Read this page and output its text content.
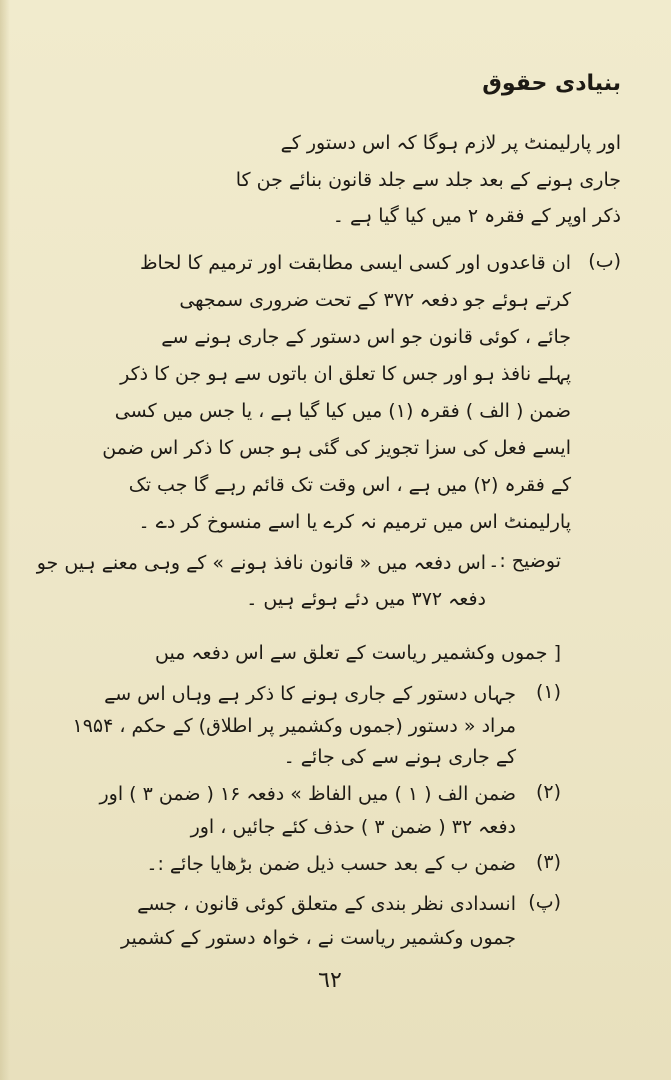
بنیادی حقوق

اور پارلیمنٹ پر لازم ہوگا کہ اس دستور کے

جاری ہونے کے بعد جلد سے جلد قانون بنائے جن کا

ذکر اوپر کے فقرہ ۲ میں کیا گیا ہے ۔

(ب)

ان قاعدوں اور کسی ایسی مطابقت اور ترمیم کا لحاظ

کرتے ہوئے جو دفعہ ۳۷۲ کے تحت ضروری سمجھی

جائے ، کوئی قانون جو اس دستور کے جاری ہونے سے

پہلے نافذ ہو اور جس کا تعلق ان باتوں سے ہو جن کا ذکر

ضمن ( الف ) فقرہ (۱) میں کیا گیا ہے ، یا جس میں کسی

ایسے فعل کی سزا تجویز کی گئی ہو جس کا ذکر اس ضمن

کے فقرہ (۲) میں ہے ، اس وقت تک قائم رہے گا جب تک

پارلیمنٹ اس میں ترمیم نہ کرے یا اسے منسوخ کر دے ۔

توضیح :۔

اس دفعہ میں « قانون نافذ ہونے » کے وہی معنے ہیں جو

دفعہ ۳۷۲ میں دئے ہوئے ہیں ۔

[ جموں وکشمیر ریاست کے تعلق سے اس دفعہ میں

(۱)

جہاں دستور کے جاری ہونے کا ذکر ہے وہاں اس سے

مراد « دستور (جموں وکشمیر پر اطلاق) کے حکم ، ۱۹۵۴

کے جاری ہونے سے کی جائے ۔

(۲)

ضمن الف ( ۱ ) میں الفاظ » دفعہ ۱۶ ( ضمن ۳ ) اور

دفعہ ۳۲ ( ضمن ۳ ) حذف کئے جائیں ، اور

(۳)

ضمن ب کے بعد حسب ذیل ضمن بڑھایا جائے :۔

(پ)

انسدادی نظر بندی کے متعلق کوئی قانون ، جسے

جموں وکشمیر ریاست نے ، خواہ دستور کے کشمیر

٦٢
